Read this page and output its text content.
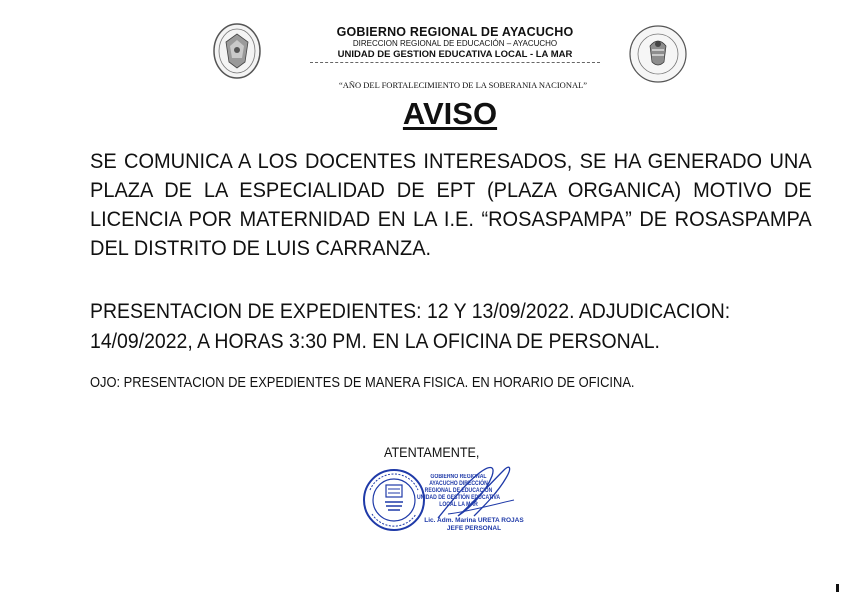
GOBIERNO REGIONAL DE AYACUCHO
DIRECCION REGIONAL DE EDUCACIÓN – AYACUCHO
UNIDAD DE GESTION EDUCATIVA LOCAL - LA MAR
“AÑO DEL FORTALECIMIENTO DE LA SOBERANIA NACIONAL”
AVISO
SE COMUNICA A LOS DOCENTES INTERESADOS, SE HA GENERADO UNA PLAZA DE LA ESPECIALIDAD DE EPT (PLAZA ORGANICA) MOTIVO DE LICENCIA POR MATERNIDAD EN LA I.E. “ROSASPAMPA” DE ROSASPAMPA DEL DISTRITO DE LUIS CARRANZA.
PRESENTACION DE EXPEDIENTES: 12 Y 13/09/2022. ADJUDICACION:
14/09/2022, A HORAS 3:30 PM. EN LA OFICINA DE PERSONAL.
OJO: PRESENTACION DE EXPEDIENTES DE MANERA FISICA. EN HORARIO DE OFICINA.
ATENTAMENTE,
GOBIERNO REGIONAL AYACUCHO DIRECCIÓN REGIONAL DE EDUCACIÓN UNIDAD DE GESTIÓN EDUCATIVA LOCAL LA MAR
Lic. Adm. Marina URETA ROJAS
JEFE PERSONAL
